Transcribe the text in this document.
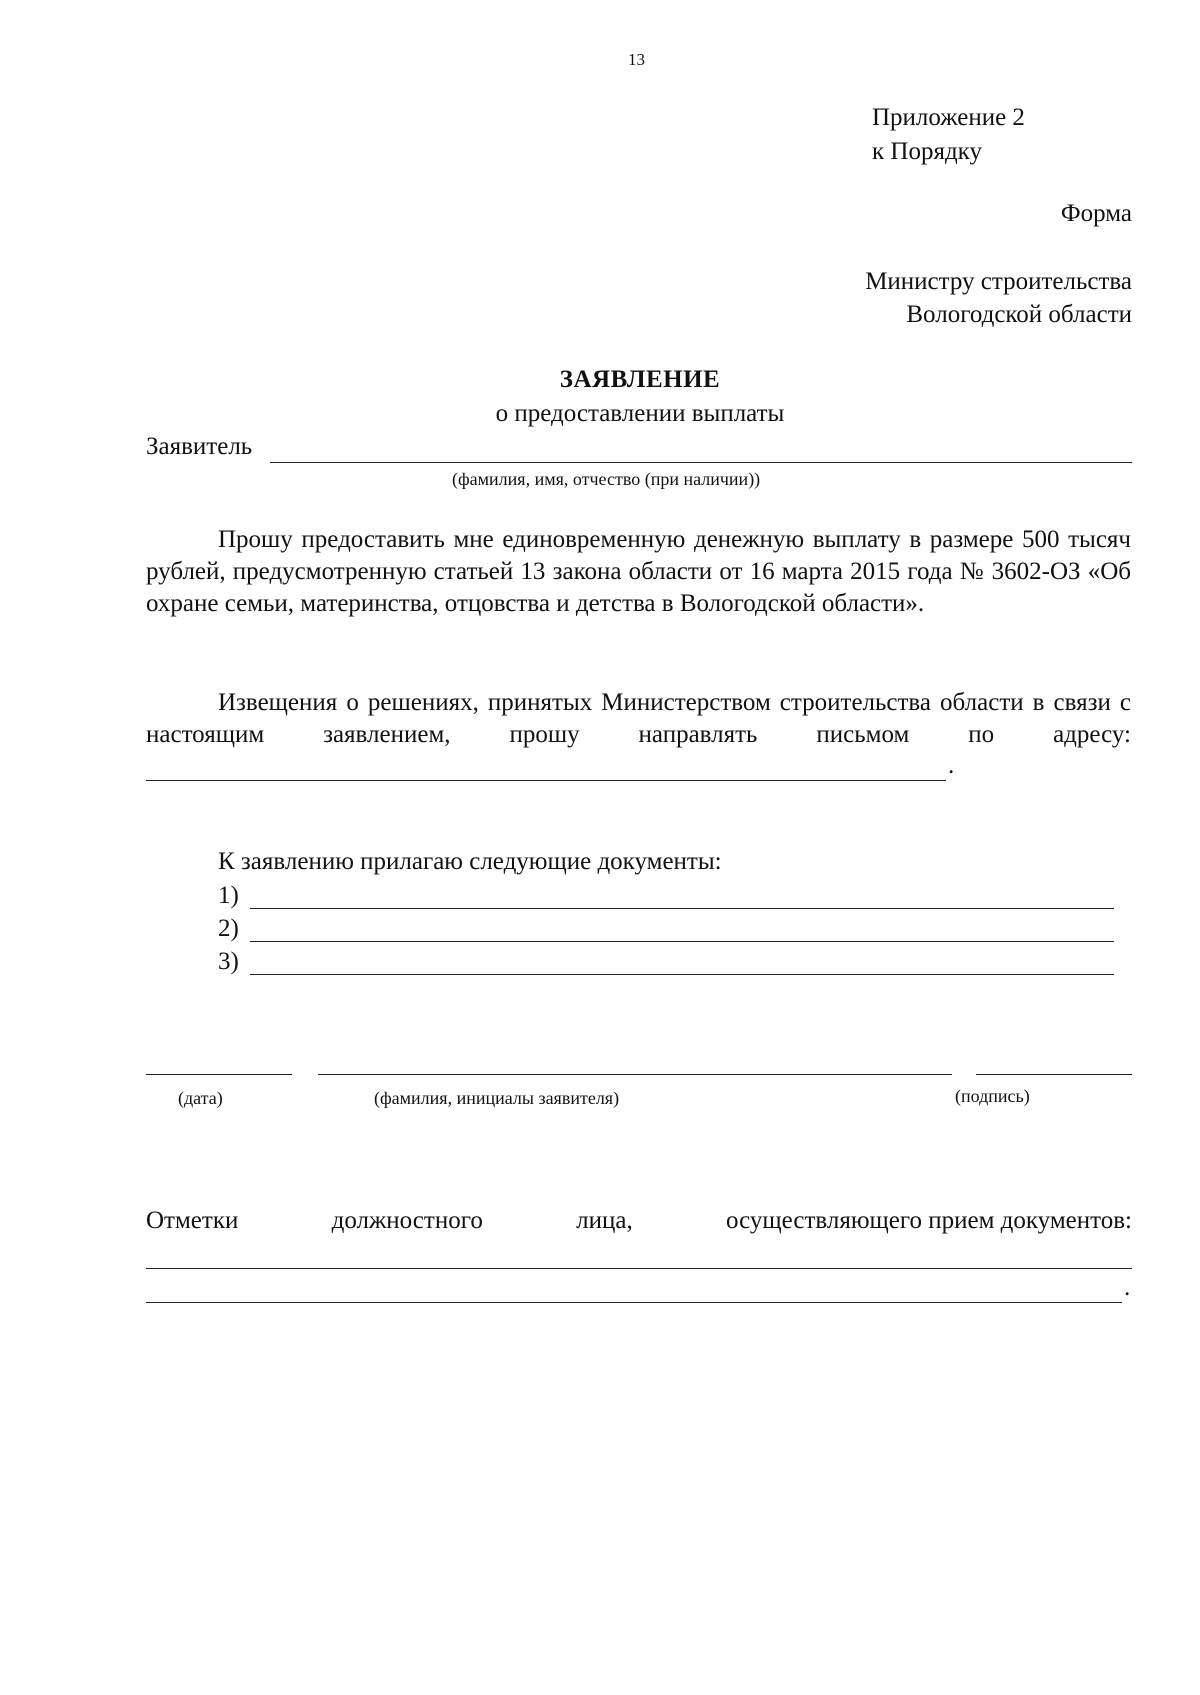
13
Приложение 2
к Порядку
Форма
Министру строительства
Вологодской области
ЗАЯВЛЕНИЕ
о предоставлении выплаты
Заявитель
(фамилия, имя, отчество (при наличии))
Прошу предоставить мне единовременную денежную выплату в размере 500 тысяч рублей, предусмотренную статьей 13 закона области от 16 марта 2015 года № 3602-ОЗ «Об охране семьи, материнства, отцовства и детства в Вологодской области».
Извещения о решениях, принятых Министерством строительства области в связи с настоящим заявлением, прошу направлять письмом по адресу:
.
К заявлению прилагаю следующие документы:
1)
2)
3)
(дата)	(фамилия, инициалы заявителя)	(подпись)
Отметки	должностного	лица,	осуществляющего прием документов:
.
